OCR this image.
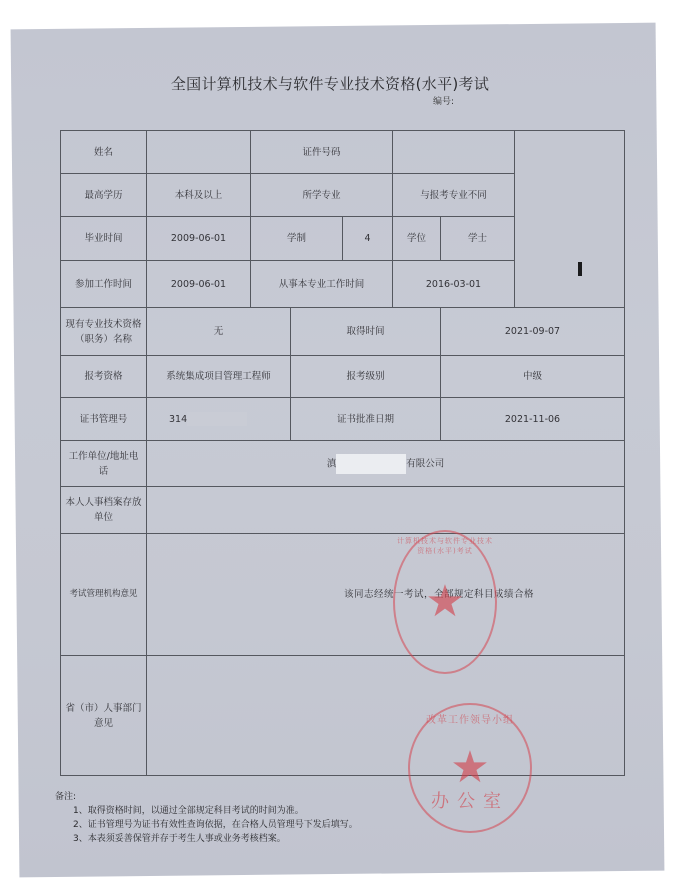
全国计算机技术与软件专业技术资格(水平)考试
编号:
姓名		证件号码					
最高学历	本科及以上	所学专业			与报考专业不同		
毕业时间	2009-06-01	学制		4	学位	学士	
参加工作时间	2009-06-01	从事本专业工作时间			2016-03-01		
现有专业技术资格（职务）名称	无		取得时间			2021-09-07	
报考资格	系统集成项目管理工程师		报考级别			中级	
证书管理号	314		证书批准日期			2021-11-06	
工作单位/地址电话	滇 有限公司						
本人人事档案存放单位							
考试管理机构意见	该同志经统一考试，全部规定科目成绩合格						
省（市）人事部门意见							
计算机技术与软件专业技术资格(水平)考试
★
改革工作领导小组
★
办公室
备注:
1、取得资格时间，以通过全部规定科目考试的时间为准。
2、证书管理号为证书有效性查询依据，在合格人员管理号下发后填写。
3、本表须妥善保管并存于考生人事或业务考核档案。
